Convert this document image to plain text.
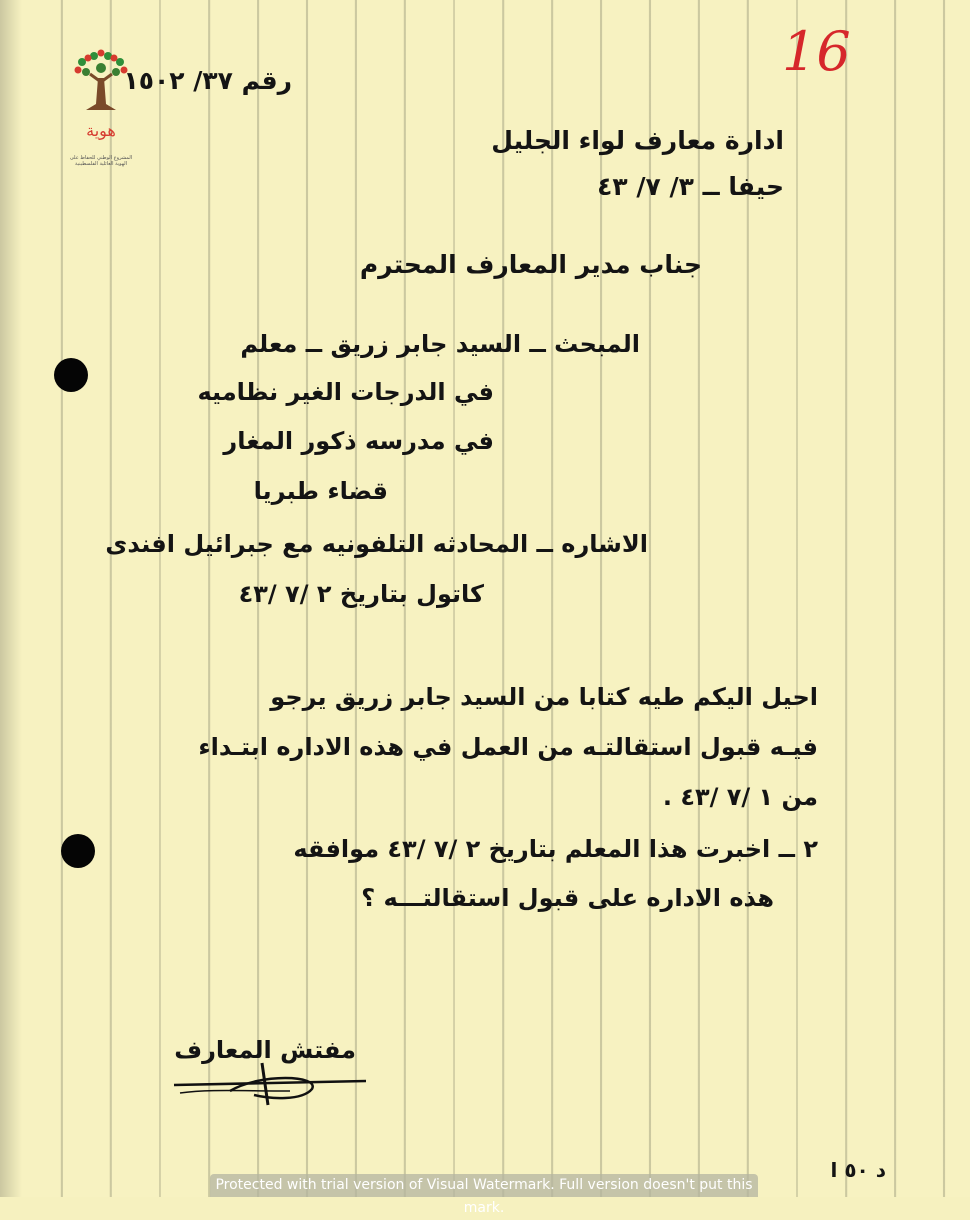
هوية
المشروع الوطني للحفاظ على
الهوية العائلية الفلسطينية
16
رقم ٣٧/ ١٥٠٢
ادارة معارف لواء الجليل
حيفا ــ ٣/ ٧/ ٤٣
جناب مدير المعارف المحترم
المبحث ــ السيد جابر زريق ــ معلم
في الدرجات الغير نظاميه
في مدرسه ذكور المغار
قضاء طبريا
الاشاره ــ المحادثه التلفونيه مع جبرائيل افندى
كاتول بتاريخ ٢ /٧ /٤٣
احيل اليكم طيه كتابا من السيد جابر زريق يرجو
فيـه قبول استقالتـه من العمل في هذه الاداره ابتـداء
من ١ /٧ /٤٣ .
٢ ــ اخبرت هذا المعلم بتاريخ ٢ /٧ /٤٣ موافقه
هذه الاداره على قبول استقالتـــه ؟
مفتش المعارف
د ٥٠ ا
Protected with trial version of Visual Watermark. Full version doesn't put this mark.
